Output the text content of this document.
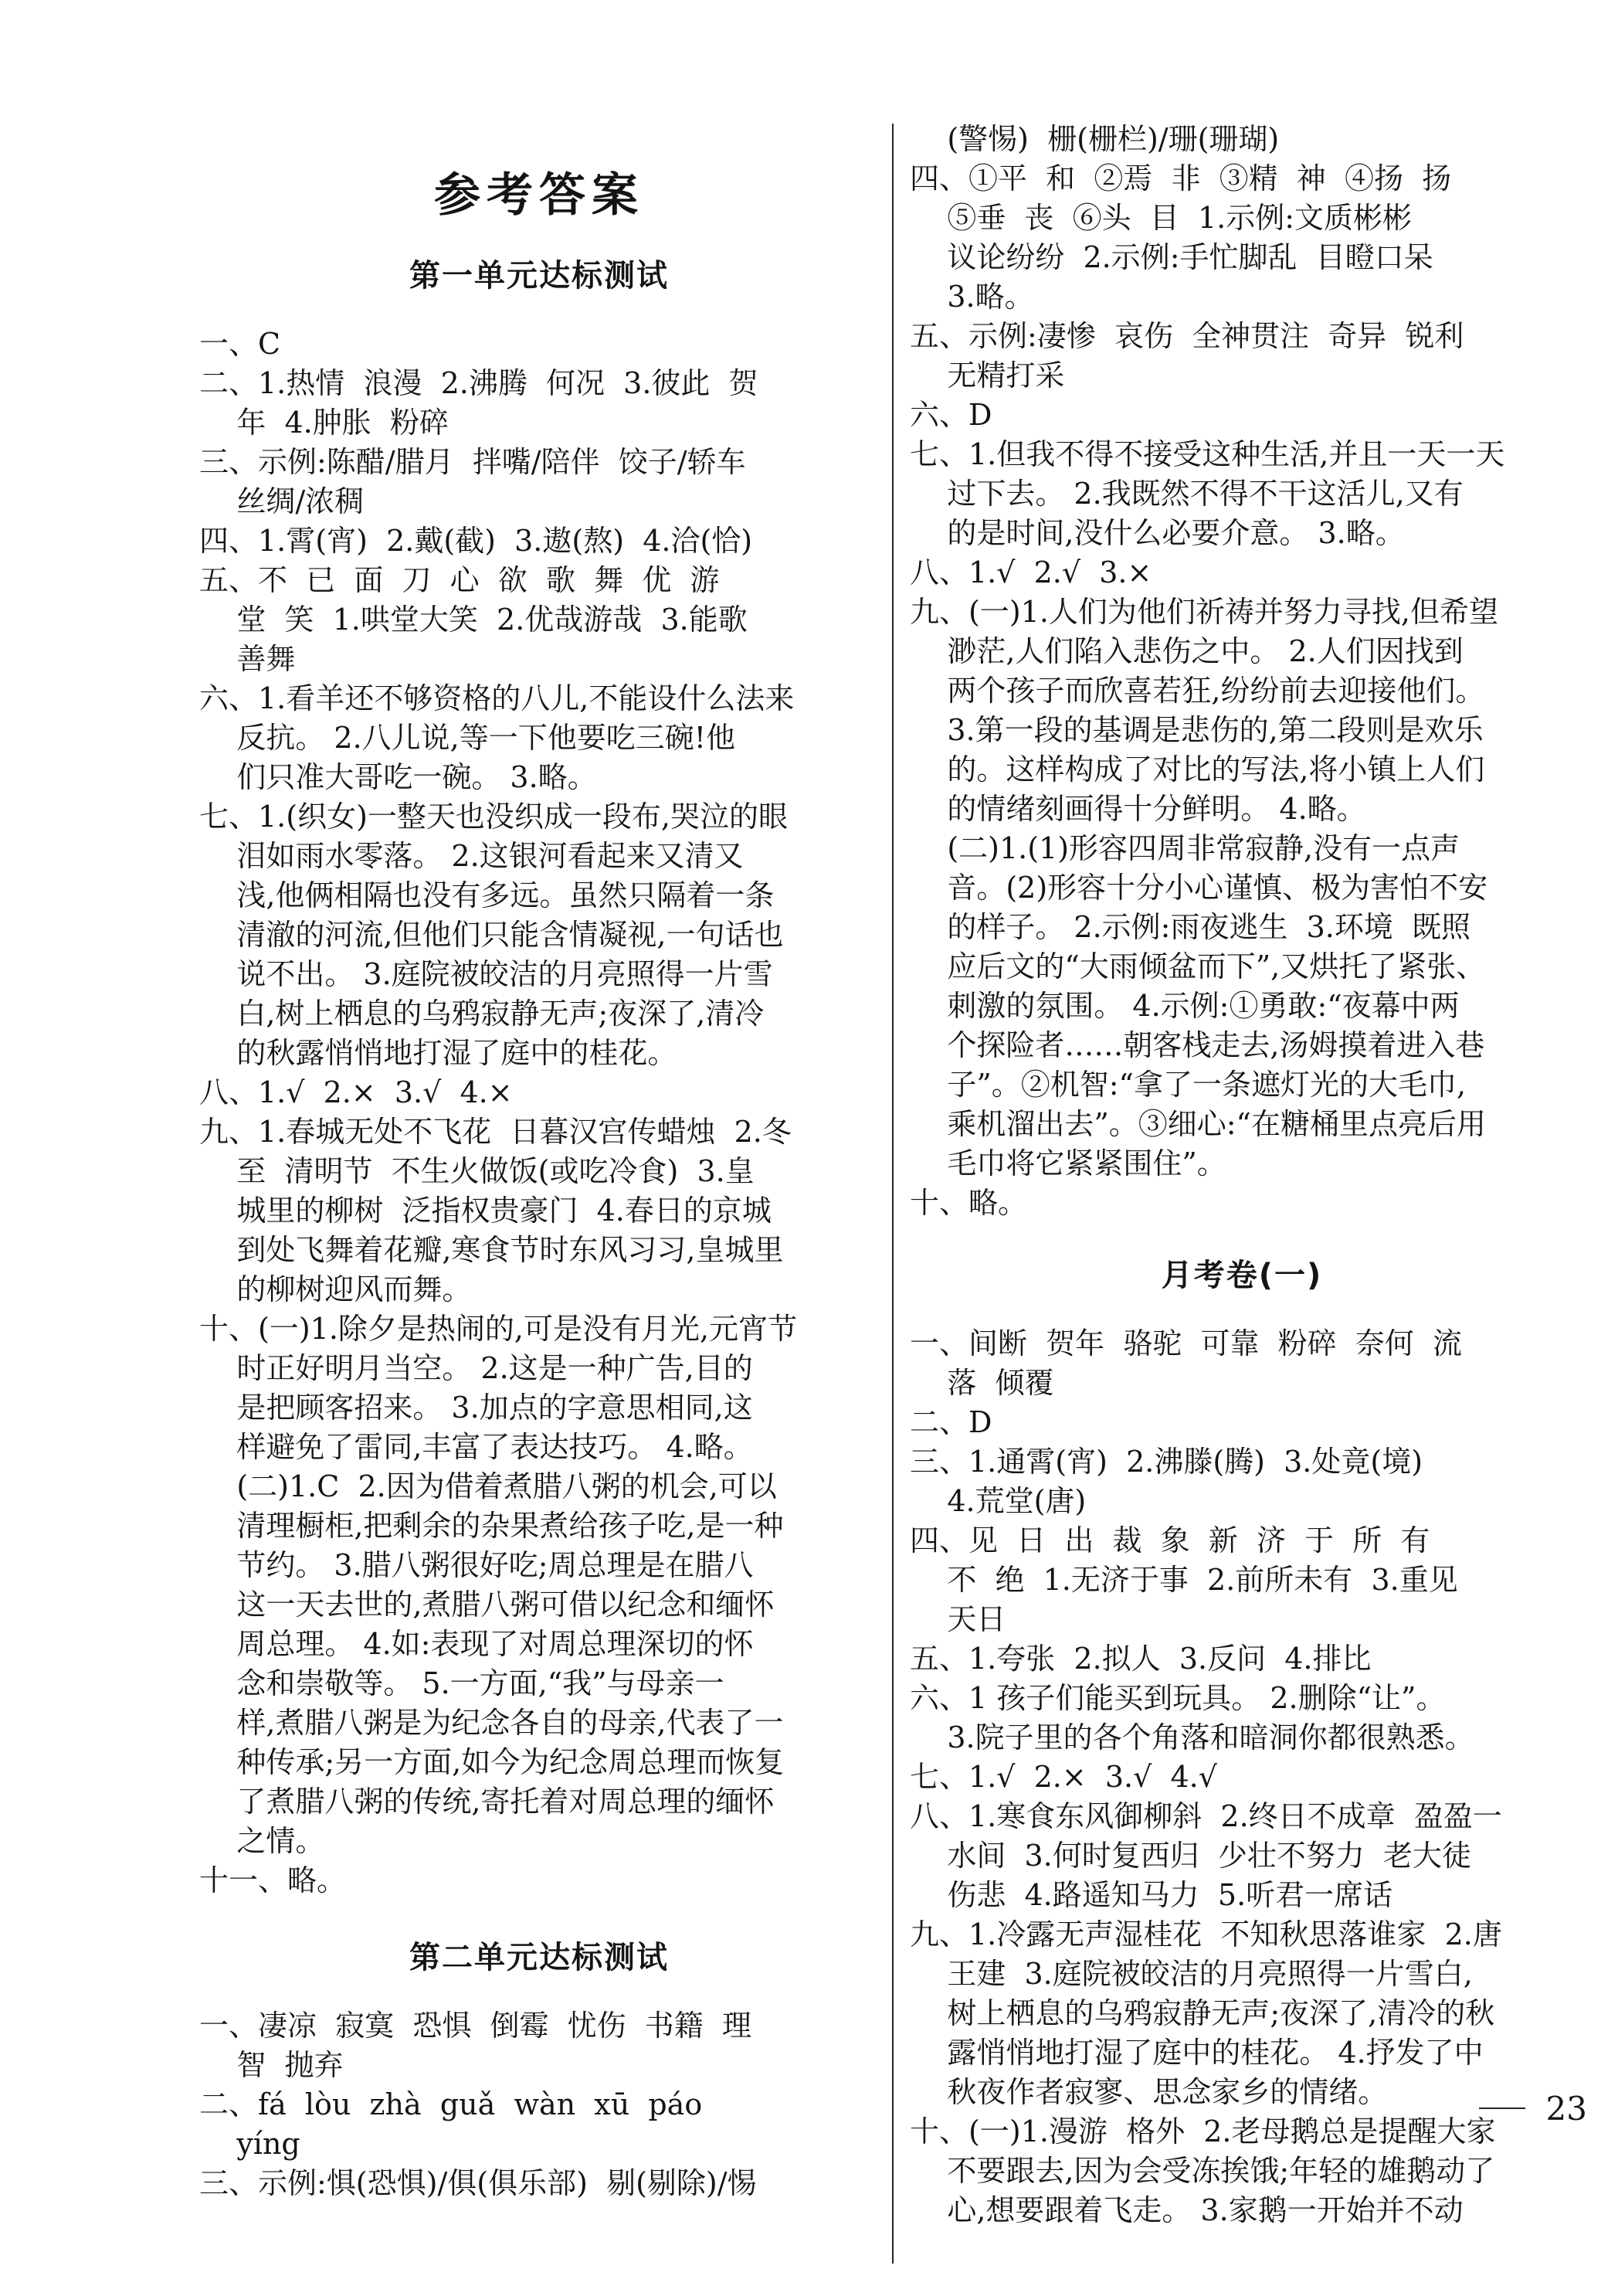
参考答案
第一单元达标测试
一、C
二、1.热情  浪漫  2.沸腾  何况  3.彼此  贺
年  4.肿胀  粉碎
三、示例:陈醋/腊月  拌嘴/陪伴  饺子/轿车
丝绸/浓稠
四、1.霄(宵)  2.戴(截)  3.遨(熬)  4.洽(恰)
五、不  已  面  刀  心  欲  歌  舞  优  游
堂  笑  1.哄堂大笑  2.优哉游哉  3.能歌
善舞
六、1.看羊还不够资格的八儿,不能设什么法来
反抗。 2.八儿说,等一下他要吃三碗!他
们只准大哥吃一碗。 3.略。
七、1.(织女)一整天也没织成一段布,哭泣的眼
泪如雨水零落。 2.这银河看起来又清又
浅,他俩相隔也没有多远。虽然只隔着一条
清澈的河流,但他们只能含情凝视,一句话也
说不出。 3.庭院被皎洁的月亮照得一片雪
白,树上栖息的乌鸦寂静无声;夜深了,清冷
的秋露悄悄地打湿了庭中的桂花。
八、1.√  2.×  3.√  4.×
九、1.春城无处不飞花  日暮汉宫传蜡烛  2.冬
至  清明节  不生火做饭(或吃冷食)  3.皇
城里的柳树  泛指权贵豪门  4.春日的京城
到处飞舞着花瓣,寒食节时东风习习,皇城里
的柳树迎风而舞。
十、(一)1.除夕是热闹的,可是没有月光,元宵节
时正好明月当空。 2.这是一种广告,目的
是把顾客招来。 3.加点的字意思相同,这
样避免了雷同,丰富了表达技巧。 4.略。
(二)1.C  2.因为借着煮腊八粥的机会,可以
清理橱柜,把剩余的杂果煮给孩子吃,是一种
节约。 3.腊八粥很好吃;周总理是在腊八
这一天去世的,煮腊八粥可借以纪念和缅怀
周总理。 4.如:表现了对周总理深切的怀
念和崇敬等。 5.一方面,“我”与母亲一
样,煮腊八粥是为纪念各自的母亲,代表了一
种传承;另一方面,如今为纪念周总理而恢复
了煮腊八粥的传统,寄托着对周总理的缅怀
之情。
十一、略。
第二单元达标测试
一、凄凉  寂寞  恐惧  倒霉  忧伤  书籍  理
智  抛弃
二、fá  lòu  zhà  guǎ  wàn  xū  páo
yíng
三、示例:惧(恐惧)/俱(俱乐部)  剔(剔除)/惕
(警惕)  栅(栅栏)/珊(珊瑚)
四、①平  和  ②焉  非  ③精  神  ④扬  扬
⑤垂  丧  ⑥头  目  1.示例:文质彬彬
议论纷纷  2.示例:手忙脚乱  目瞪口呆
3.略。
五、示例:凄惨  哀伤  全神贯注  奇异  锐利
无精打采
六、D
七、1.但我不得不接受这种生活,并且一天一天
过下去。 2.我既然不得不干这活儿,又有
的是时间,没什么必要介意。 3.略。
八、1.√  2.√  3.×
九、(一)1.人们为他们祈祷并努力寻找,但希望
渺茫,人们陷入悲伤之中。 2.人们因找到
两个孩子而欣喜若狂,纷纷前去迎接他们。
3.第一段的基调是悲伤的,第二段则是欢乐
的。这样构成了对比的写法,将小镇上人们
的情绪刻画得十分鲜明。 4.略。
(二)1.(1)形容四周非常寂静,没有一点声
音。(2)形容十分小心谨慎、极为害怕不安
的样子。 2.示例:雨夜逃生  3.环境  既照
应后文的“大雨倾盆而下”,又烘托了紧张、
刺激的氛围。 4.示例:①勇敢:“夜幕中两
个探险者……朝客栈走去,汤姆摸着进入巷
子”。②机智:“拿了一条遮灯光的大毛巾,
乘机溜出去”。③细心:“在糖桶里点亮后用
毛巾将它紧紧围住”。
十、略。
月考卷(一)
一、间断  贺年  骆驼  可靠  粉碎  奈何  流
落  倾覆
二、D
三、1.通霄(宵)  2.沸滕(腾)  3.处竟(境)
4.荒堂(唐)
四、见  日  出  裁  象  新  济  于  所  有
不  绝  1.无济于事  2.前所未有  3.重见
天日
五、1.夸张  2.拟人  3.反问  4.排比
六、1 孩子们能买到玩具。 2.删除“让”。
3.院子里的各个角落和暗洞你都很熟悉。
七、1.√  2.×  3.√  4.√
八、1.寒食东风御柳斜  2.终日不成章  盈盈一
水间  3.何时复西归  少壮不努力  老大徒
伤悲  4.路遥知马力  5.听君一席话
九、1.冷露无声湿桂花  不知秋思落谁家  2.唐
王建  3.庭院被皎洁的月亮照得一片雪白,
树上栖息的乌鸦寂静无声;夜深了,清冷的秋
露悄悄地打湿了庭中的桂花。 4.抒发了中
秋夜作者寂寥、思念家乡的情绪。
十、(一)1.漫游  格外  2.老母鹅总是提醒大家
不要跟去,因为会受冻挨饿;年轻的雄鹅动了
心,想要跟着飞走。 3.家鹅一开始并不动
23
